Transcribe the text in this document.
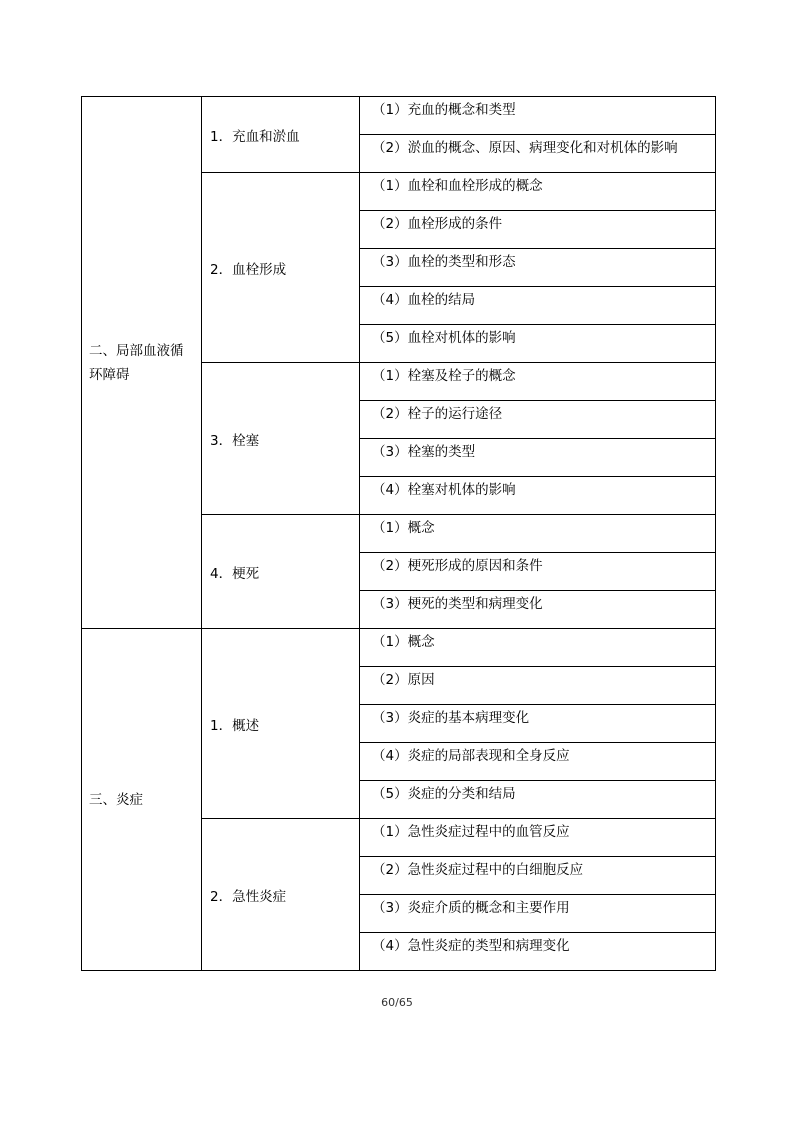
二、局部血液循环障碍	1．充血和淤血	（1）充血的概念和类型
		（2）淤血的概念、原因、病理变化和对机体的影响
	2．血栓形成	（1）血栓和血栓形成的概念
		（2）血栓形成的条件
		（3）血栓的类型和形态
		（4）血栓的结局
		（5）血栓对机体的影响
	3．栓塞	（1）栓塞及栓子的概念
		（2）栓子的运行途径
		（3）栓塞的类型
		（4）栓塞对机体的影响
	4．梗死	（1）概念
		（2）梗死形成的原因和条件
		（3）梗死的类型和病理变化
三、炎症	1．概述	（1）概念
		（2）原因
		（3）炎症的基本病理变化
		（4）炎症的局部表现和全身反应
		（5）炎症的分类和结局
	2．急性炎症	（1）急性炎症过程中的血管反应
		（2）急性炎症过程中的白细胞反应
		（3）炎症介质的概念和主要作用
		（4）急性炎症的类型和病理变化
60/65
